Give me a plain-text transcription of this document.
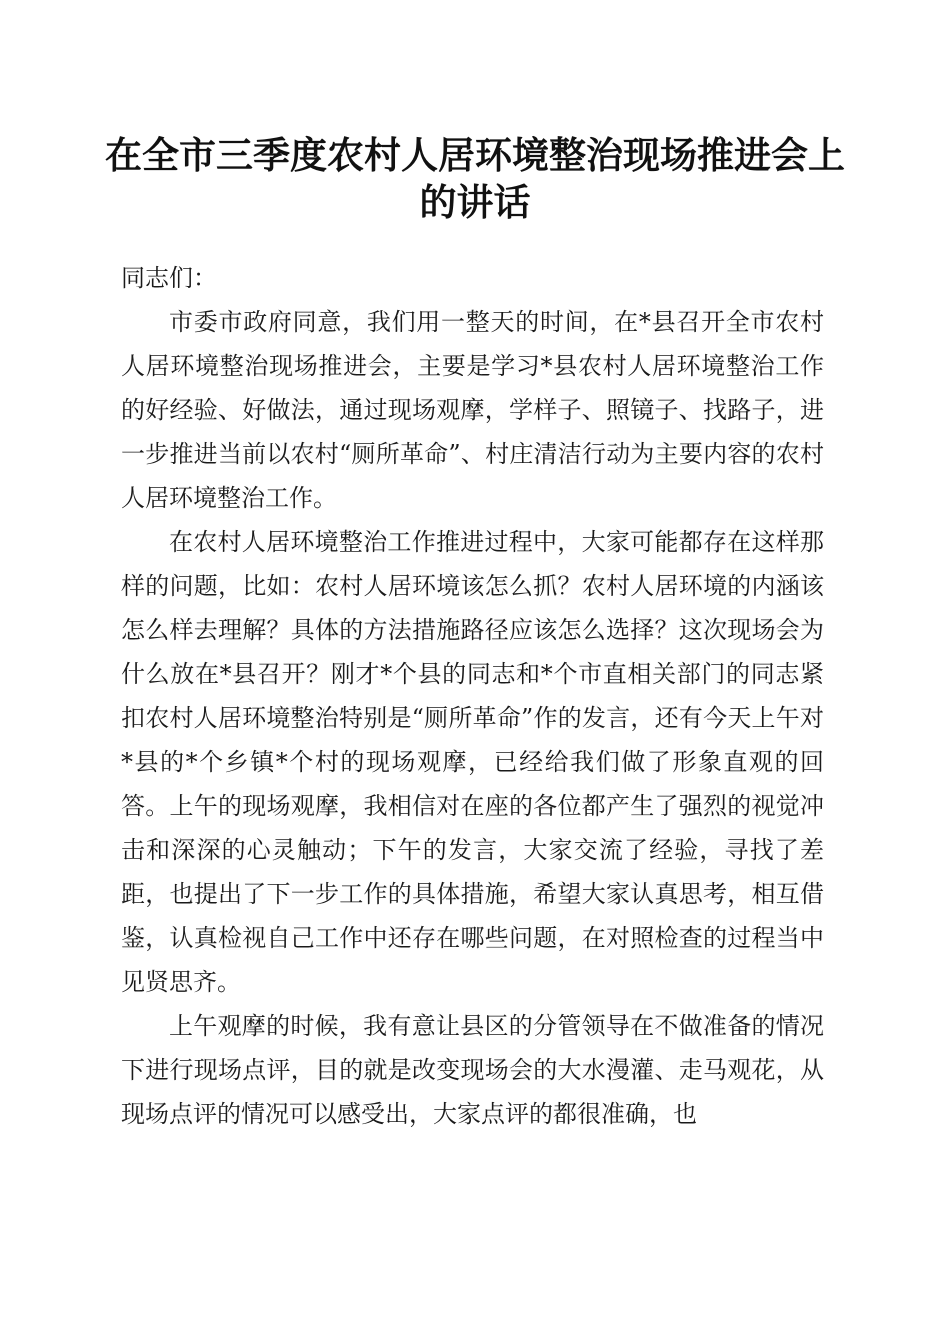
在全市三季度农村人居环境整治现场推进会上的讲话

同志们：

市委市政府同意，我们用一整天的时间，在*县召开全市农村人居环境整治现场推进会，主要是学习*县农村人居环境整治工作的好经验、好做法，通过现场观摩，学样子、照镜子、找路子，进一步推进当前以农村“厕所革命”、村庄清洁行动为主要内容的农村人居环境整治工作。

在农村人居环境整治工作推进过程中，大家可能都存在这样那样的问题，比如：农村人居环境该怎么抓？农村人居环境的内涵该怎么样去理解？具体的方法措施路径应该怎么选择？这次现场会为什么放在*县召开？刚才*个县的同志和*个市直相关部门的同志紧扣农村人居环境整治特别是“厕所革命”作的发言，还有今天上午对*县的*个乡镇*个村的现场观摩，已经给我们做了形象直观的回答。上午的现场观摩，我相信对在座的各位都产生了强烈的视觉冲击和深深的心灵触动；下午的发言，大家交流了经验，寻找了差距，也提出了下一步工作的具体措施，希望大家认真思考，相互借鉴，认真检视自己工作中还存在哪些问题，在对照检查的过程当中见贤思齐。

上午观摩的时候，我有意让县区的分管领导在不做准备的情况下进行现场点评，目的就是改变现场会的大水漫灌、走马观花，从现场点评的情况可以感受出，大家点评的都很准确，也
